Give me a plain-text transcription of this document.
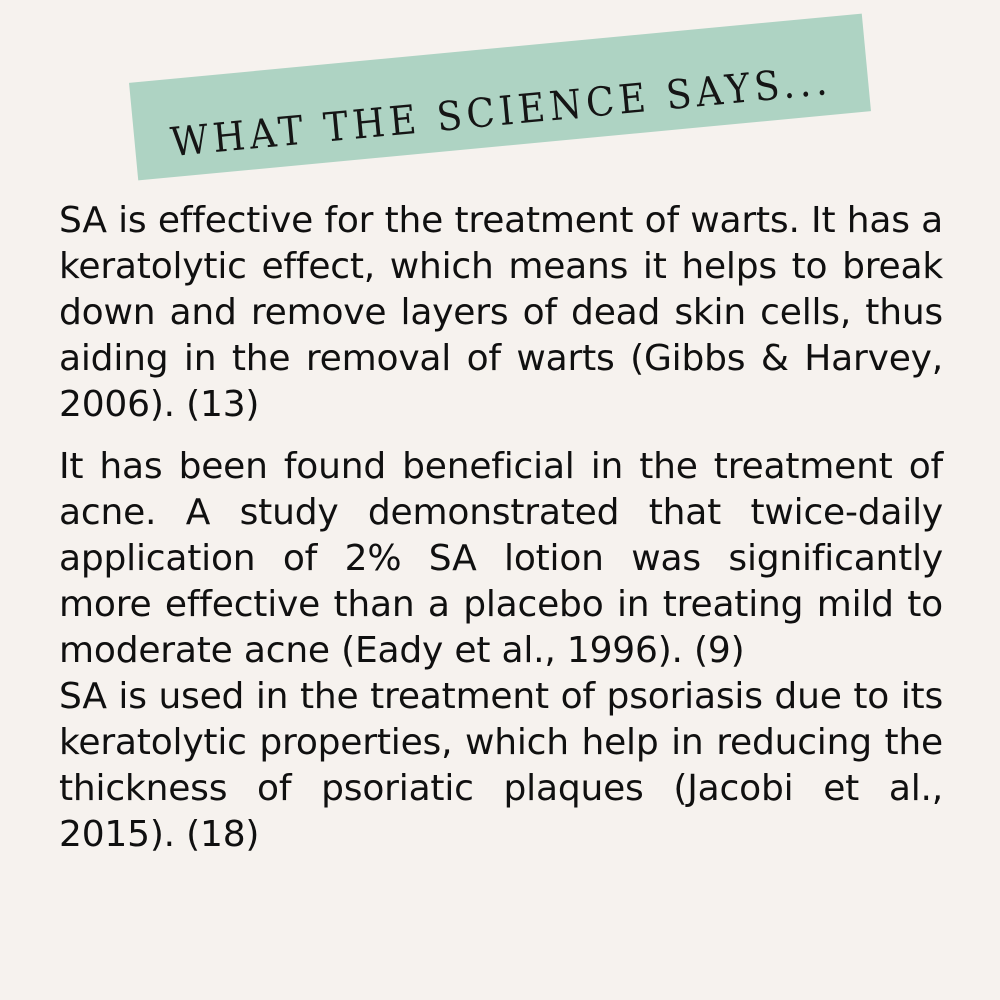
WHAT THE SCIENCE SAYS...

SA is effective for the treatment of warts. It has a keratolytic effect, which means it helps to break down and remove layers of dead skin cells, thus aiding in the removal of warts (Gibbs & Harvey, 2006). (13)

It has been found beneficial in the treatment of acne. A study demonstrated that twice-daily application of 2% SA lotion was significantly more effective than a placebo in treating mild to moderate acne (Eady et al., 1996). (9)

SA is used in the treatment of psoriasis due to its keratolytic properties, which help in reducing the thickness of psoriatic plaques (Jacobi et al., 2015). (18)
